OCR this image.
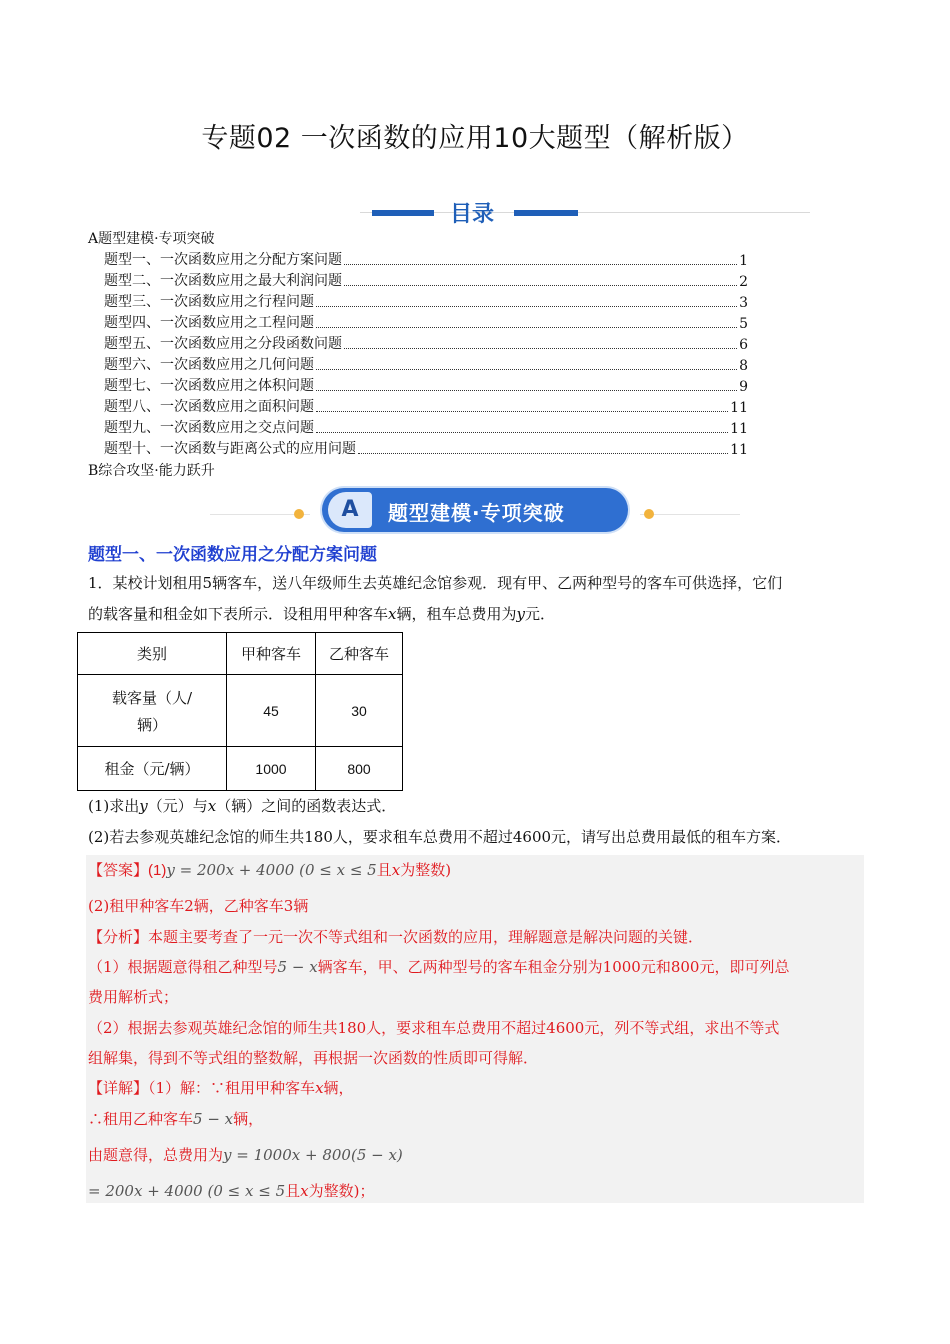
专题02 一次函数的应用10大题型（解析版）
目录
A题型建模·专项突破
题型一、一次函数应用之分配方案问题	1
题型二、一次函数应用之最大利润问题	2
题型三、一次函数应用之行程问题	3
题型四、一次函数应用之工程问题	5
题型五、一次函数应用之分段函数问题	6
题型六、一次函数应用之几何问题	8
题型七、一次函数应用之体积问题	9
题型八、一次函数应用之面积问题	11
题型九、一次函数应用之交点问题	11
题型十、一次函数与距离公式的应用问题	11
B综合攻坚·能力跃升
A	题型建模·专项突破
题型一、一次函数应用之分配方案问题
1．某校计划租用5辆客车，送八年级师生去英雄纪念馆参观．现有甲、乙两种型号的客车可供选择，它们
的载客量和租金如下表所示．设租用甲种客车x辆，租车总费用为y元．
类别	甲种客车	乙种客车

载客量（人/
辆）	45	30
租金（元/辆）	1000	800
(1)求出y（元）与x（辆）之间的函数表达式．
(2)若去参观英雄纪念馆的师生共180人，要求租车总费用不超过4600元，请写出总费用最低的租车方案．
【答案】(1)y = 200x + 4000 (0 ≤ x ≤ 5且x为整数)
(2)租甲种客车2辆，乙种客车3辆
【分析】本题主要考查了一元一次不等式组和一次函数的应用，理解题意是解决问题的关键．
（1）根据题意得租乙种型号5 − x辆客车，甲、乙两种型号的客车租金分别为1000元和800元，即可列总
费用解析式；
（2）根据去参观英雄纪念馆的师生共180人，要求租车总费用不超过4600元，列不等式组，求出不等式
组解集，得到不等式组的整数解，再根据一次函数的性质即可得解．
【详解】（1）解：∵租用甲种客车x辆，
∴租用乙种客车5 − x辆，
由题意得，总费用为y = 1000x + 800(5 − x)
= 200x + 4000 (0 ≤ x ≤ 5且x为整数)；
